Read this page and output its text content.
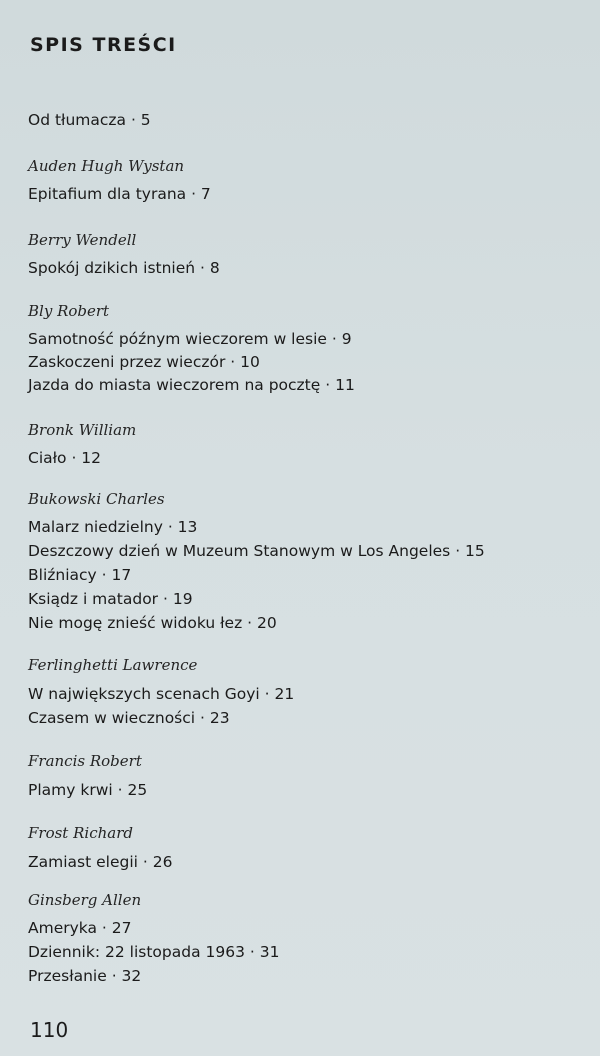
SPIS TREŚCI
Od tłumacza · 5
Auden Hugh Wystan
Epitafium dla tyrana · 7
Berry Wendell
Spokój dzikich istnień · 8
Bly Robert
Samotność późnym wieczorem w lesie · 9
Zaskoczeni przez wieczór · 10
Jazda do miasta wieczorem na pocztę · 11
Bronk William
Ciało · 12
Bukowski Charles
Malarz niedzielny · 13
Deszczowy dzień w Muzeum Stanowym w Los Angeles · 15
Bliźniacy · 17
Ksiądz i matador · 19
Nie mogę znieść widoku łez · 20
Ferlinghetti Lawrence
W największych scenach Goyi · 21
Czasem w wieczności · 23
Francis Robert
Plamy krwi · 25
Frost Richard
Zamiast elegii · 26
Ginsberg Allen
Ameryka · 27
Dziennik: 22 listopada 1963 · 31
Przesłanie · 32
110
